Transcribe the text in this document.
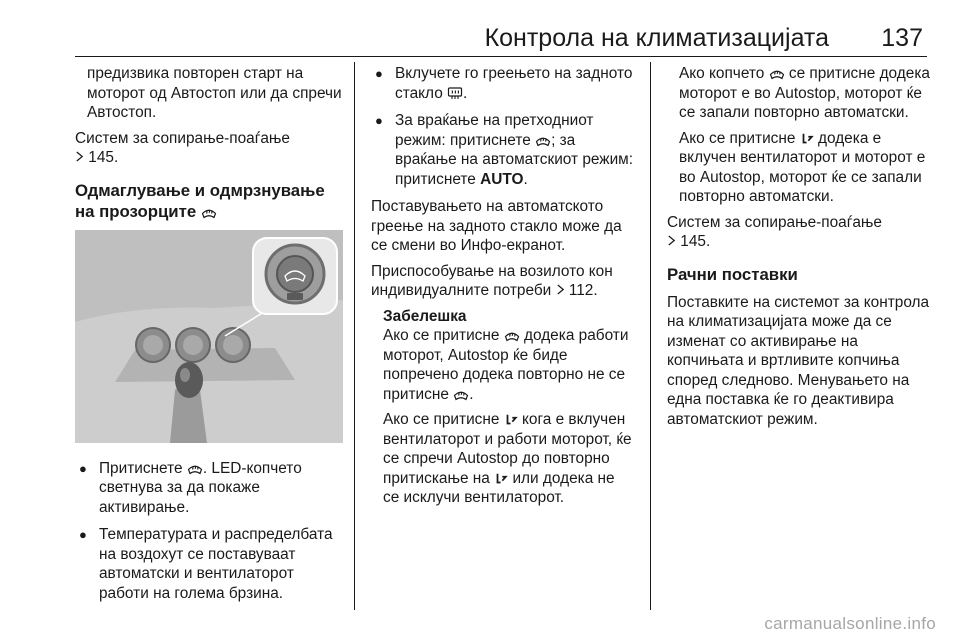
Контрола на климатизацијата 137

предизвика повторен старт на моторот од Автостоп или да спречи Автостоп.

Систем за сопирање-поаѓање
145.

Одмаглување и одмрзнување на прозорците
● Притиснете . LED-копчето светнува за да покаже активирање.
● Температурата и распределбата на воздохут се поставуваат автоматски и вентилаторот работи на голема брзина.
● Вклучете го греењето на задното стакло .
● За враќање на претходниот режим: притиснете ; за враќање на автоматскиот режим: притиснете AUTO.

Поставувањето на автоматското греење на задното стакло може да се смени во Инфо-екранот.

Приспособување на возилото кон индивидуалните потреби 112.

Забелешка

Ако се притисне додека работи моторот, Autostop ќе биде попречено додека повторно не се притисне .

Ако се притисне кога е вклучен вентилаторот и работи моторот, ќе се спречи Autostop до повторно притискање на или додека не се исклучи вентилаторот.

Ако копчето се притисне додека моторот е во Autostop, моторот ќе се запали повторно автоматски.

Ако се притисне додека е вклучен вентилаторот и моторот е во Autostop, моторот ќе се запали повторно автоматски.

Систем за сопирање-поаѓање
145.

Рачни поставки

Поставките на системот за контрола на климатизацијата може да се изменат со активирање на копчињата и вртливите копчиња според следново. Менувањето на една поставка ќе го деактивира автоматскиот режим.

carmanualsonline.info
